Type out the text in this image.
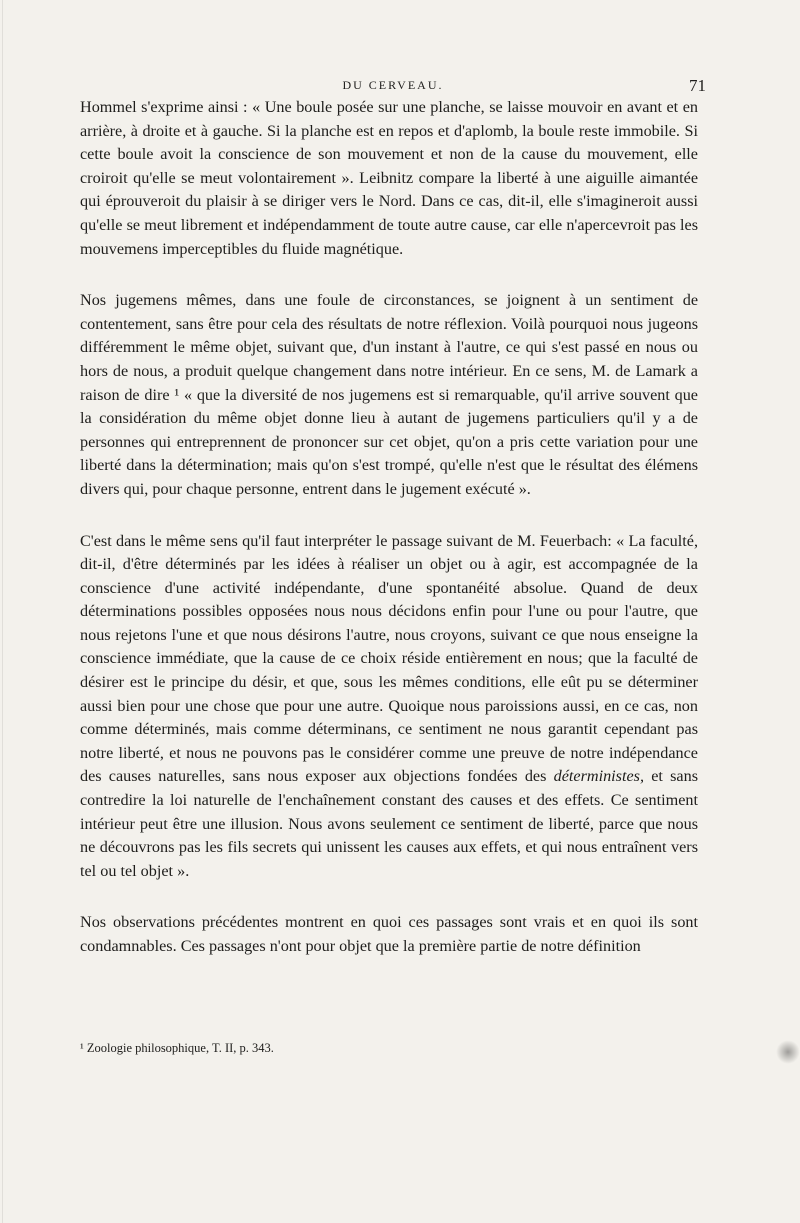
DU CERVEAU.	71

Hommel s'exprime ainsi : « Une boule posée sur une planche, se laisse mouvoir en avant et en arrière, à droite et à gauche. Si la planche est en repos et d'aplomb, la boule reste immobile. Si cette boule avoit la conscience de son mouvement et non de la cause du mouvement, elle croiroit qu'elle se meut volontairement ». Leibnitz compare la liberté à une aiguille aimantée qui éprouveroit du plaisir à se diriger vers le Nord. Dans ce cas, dit-il, elle s'imagineroit aussi qu'elle se meut librement et indépendamment de toute autre cause, car elle n'apercevroit pas les mouvemens imperceptibles du fluide magnétique.

Nos jugemens mêmes, dans une foule de circonstances, se joignent à un sentiment de contentement, sans être pour cela des résultats de notre réflexion. Voilà pourquoi nous jugeons différemment le même objet, suivant que, d'un instant à l'autre, ce qui s'est passé en nous ou hors de nous, a produit quelque changement dans notre intérieur. En ce sens, M. de Lamark a raison de dire ¹ « que la diversité de nos jugemens est si remarquable, qu'il arrive souvent que la considération du même objet donne lieu à autant de jugemens particuliers qu'il y a de personnes qui entreprennent de prononcer sur cet objet, qu'on a pris cette variation pour une liberté dans la détermination; mais qu'on s'est trompé, qu'elle n'est que le résultat des élémens divers qui, pour chaque personne, entrent dans le jugement exécuté ».

C'est dans le même sens qu'il faut interpréter le passage suivant de M. Feuerbach: « La faculté, dit-il, d'être déterminés par les idées à réaliser un objet ou à agir, est accompagnée de la conscience d'une activité indépendante, d'une spontanéité absolue. Quand de deux déterminations possibles opposées nous nous décidons enfin pour l'une ou pour l'autre, que nous rejetons l'une et que nous désirons l'autre, nous croyons, suivant ce que nous enseigne la conscience immédiate, que la cause de ce choix réside entièrement en nous; que la faculté de désirer est le principe du désir, et que, sous les mêmes conditions, elle eût pu se déterminer aussi bien pour une chose que pour une autre. Quoique nous paroissions aussi, en ce cas, non comme déterminés, mais comme déterminans, ce sentiment ne nous garantit cependant pas notre liberté, et nous ne pouvons pas le considérer comme une preuve de notre indépendance des causes naturelles, sans nous exposer aux objections fondées des déterministes, et sans contredire la loi naturelle de l'enchaînement constant des causes et des effets. Ce sentiment intérieur peut être une illusion. Nous avons seulement ce sentiment de liberté, parce que nous ne découvrons pas les fils secrets qui unissent les causes aux effets, et qui nous entraînent vers tel ou tel objet ».

Nos observations précédentes montrent en quoi ces passages sont vrais et en quoi ils sont condamnables. Ces passages n'ont pour objet que la première partie de notre définition

¹ Zoologie philosophique, T. II, p. 343.
